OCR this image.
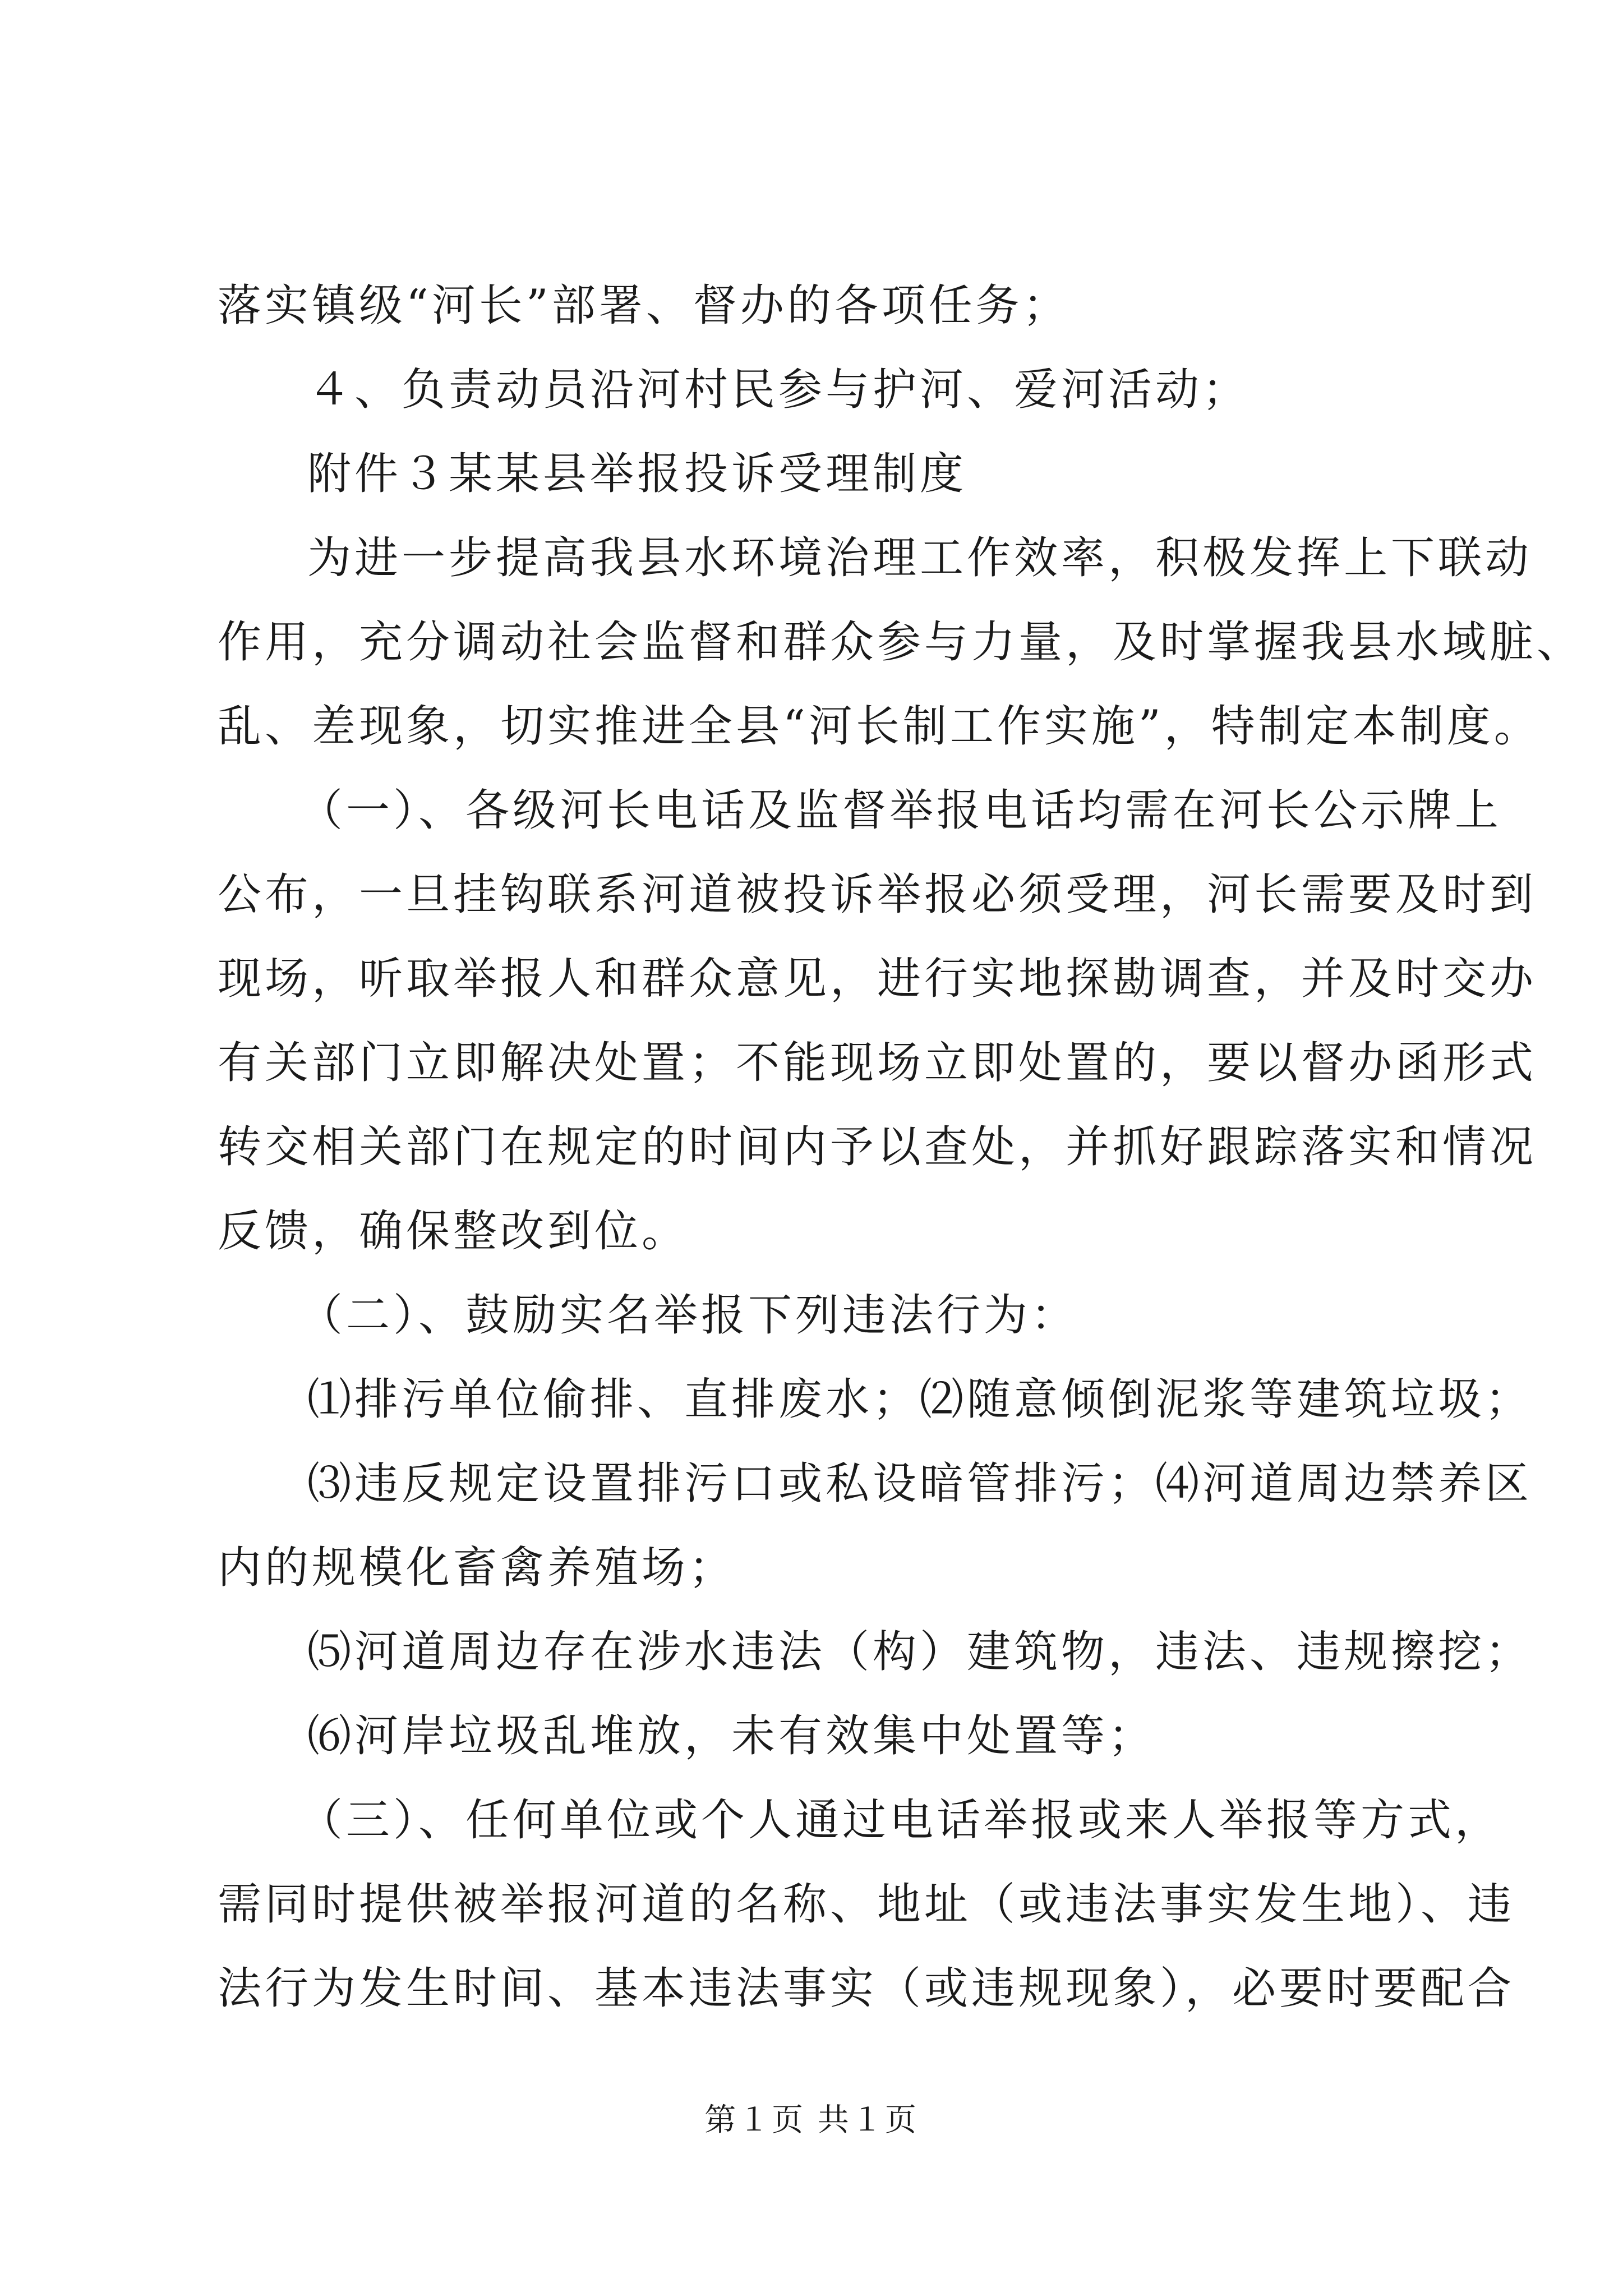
落实镇级“河长”部署、督办的各项任务；
４、负责动员沿河村民参与护河、爱河活动；
附件３某某县举报投诉受理制度
为进一步提高我县水环境治理工作效率，积极发挥上下联动
作用，充分调动社会监督和群众参与力量，及时掌握我县水域脏、
乱、差现象，切实推进全县“河长制工作实施”，特制定本制度。
（一）、各级河长电话及监督举报电话均需在河长公示牌上
公布，一旦挂钩联系河道被投诉举报必须受理，河长需要及时到
现场，听取举报人和群众意见，进行实地探勘调查，并及时交办
有关部门立即解决处置；不能现场立即处置的，要以督办函形式
转交相关部门在规定的时间内予以查处，并抓好跟踪落实和情况
反馈，确保整改到位。
（二）、鼓励实名举报下列违法行为：
⑴排污单位偷排、直排废水；⑵随意倾倒泥浆等建筑垃圾；
⑶违反规定设置排污口或私设暗管排污；⑷河道周边禁养区
内的规模化畜禽养殖场；
⑸河道周边存在涉水违法（构）建筑物，违法、违规擦挖；
⑹河岸垃圾乱堆放，未有效集中处置等；
（三）、任何单位或个人通过电话举报或来人举报等方式，
需同时提供被举报河道的名称、地址（或违法事实发生地）、违
法行为发生时间、基本违法事实（或违规现象），必要时要配合
第１页 共１页
